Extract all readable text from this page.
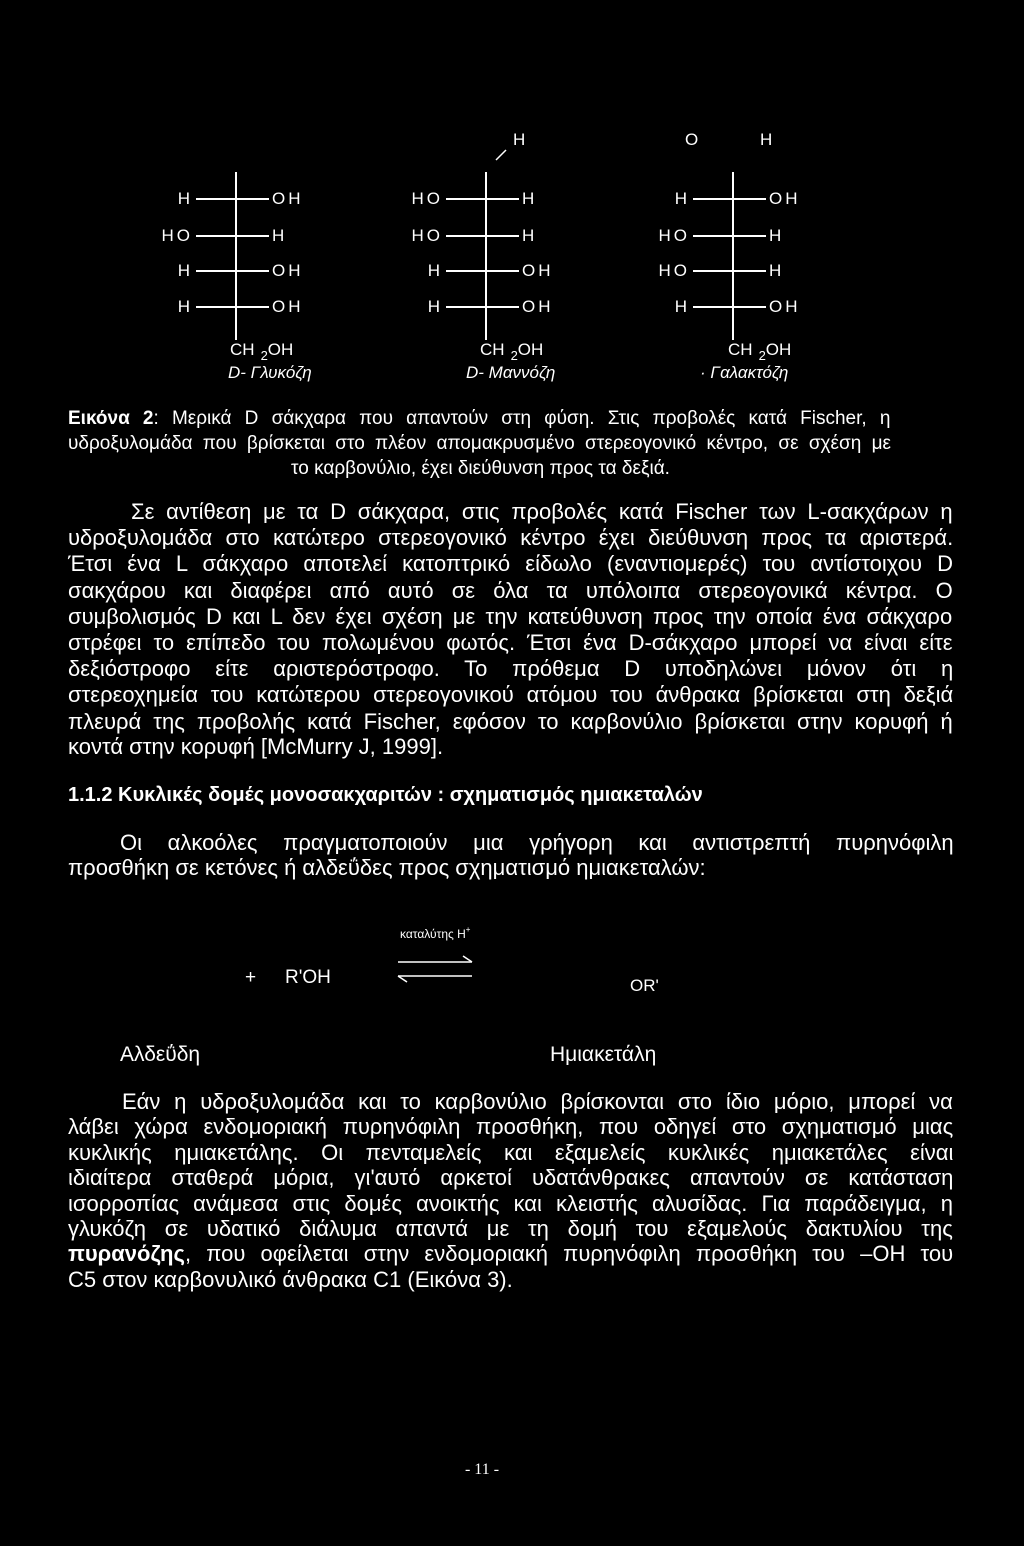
H	OH
HO	H
H	OH
H	OH
CH $_2$OH
D- Γλυκόζη
H
HO	H
HO	H
H	OH
H	OH
CH $_2$OH
D- Μαννόζη
O	H
H	OH
HO	H
HO	H
H	OH
CH $_2$OH
· Γαλακτόζη
Εικόνα 2: Μερικά D σάκχαρα που απαντούν στη φύση. Στις προβολές κατά Fischer, η
υδροξυλομάδα που βρίσκεται στο πλέον απομακρυσμένο στερεογονικό κέντρο, σε σχέση με
το καρβονύλιο, έχει διεύθυνση προς τα δεξιά.
Σε αντίθεση με τα D σάκχαρα, στις προβολές κατά Fischer των L-σακχάρων η
υδροξυλομάδα στο κατώτερο στερεογονικό κέντρο έχει διεύθυνση προς τα αριστερά.
Έτσι ένα L σάκχαρο αποτελεί κατοπτρικό είδωλο (εναντιομερές) του αντίστοιχου D
σακχάρου και διαφέρει από αυτό σε όλα τα υπόλοιπα στερεογονικά κέντρα. Ο
συμβολισμός D και L δεν έχει σχέση με την κατεύθυνση προς την οποία ένα σάκχαρο
στρέφει το επίπεδο του πολωμένου φωτός. Έτσι ένα D-σάκχαρο μπορεί να είναι είτε
δεξιόστροφο είτε αριστερόστροφο. Το πρόθεμα D υποδηλώνει μόνον ότι η
στερεοχημεία του κατώτερου στερεογονικού ατόμου του άνθρακα βρίσκεται στη δεξιά
πλευρά της προβολής κατά Fischer, εφόσον το καρβονύλιο βρίσκεται στην κορυφή ή
κοντά στην κορυφή [McMurry J, 1999].
1.1.2 Κυκλικές δομές μονοσακχαριτών : σχηματισμός ημιακεταλών
Οι αλκοόλες πραγματοποιούν μια γρήγορη και αντιστρεπτή πυρηνόφιλη
προσθήκη σε κετόνες ή αλδεΰδες προς σχηματισμό ημιακεταλών:
καταλύτης H+
+ R'OH	OR'
Αλδεΰδη	Ημιακετάλη
Εάν η υδροξυλομάδα και το καρβονύλιο βρίσκονται στο ίδιο μόριο, μπορεί να
λάβει χώρα ενδομοριακή πυρηνόφιλη προσθήκη, που οδηγεί στο σχηματισμό μιας
κυκλικής ημιακετάλης. Οι πενταμελείς και εξαμελείς κυκλικές ημιακετάλες είναι
ιδιαίτερα σταθερά μόρια, γι'αυτό αρκετοί υδατάνθρακες απαντούν σε κατάσταση
ισορροπίας ανάμεσα στις δομές ανοικτής και κλειστής αλυσίδας. Για παράδειγμα, η
γλυκόζη σε υδατικό διάλυμα απαντά με τη δομή του εξαμελούς δακτυλίου της
πυρανόζης, που οφείλεται στην ενδομοριακή πυρηνόφιλη προσθήκη του –OH του
C5 στον καρβονυλικό άνθρακα C1 (Εικόνα 3).
- 11 -
